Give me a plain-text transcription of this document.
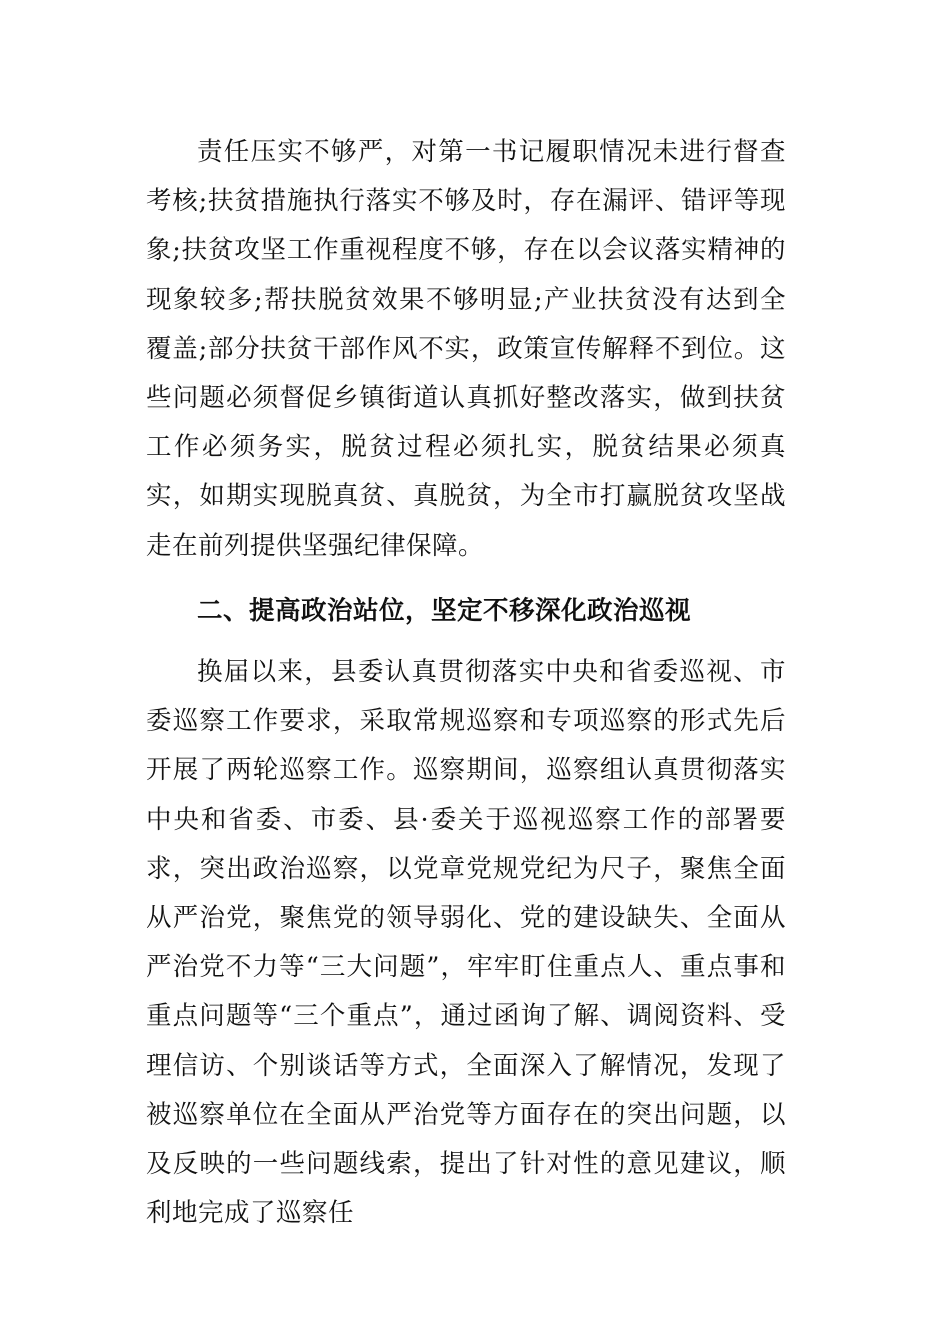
责任压实不够严，对第一书记履职情况未进行督查考核;扶贫措施执行落实不够及时，存在漏评、错评等现象;扶贫攻坚工作重视程度不够，存在以会议落实精神的现象较多;帮扶脱贫效果不够明显;产业扶贫没有达到全覆盖;部分扶贫干部作风不实，政策宣传解释不到位。这些问题必须督促乡镇街道认真抓好整改落实，做到扶贫工作必须务实，脱贫过程必须扎实，脱贫结果必须真实，如期实现脱真贫、真脱贫，为全市打赢脱贫攻坚战走在前列提供坚强纪律保障。

二、提高政治站位，坚定不移深化政治巡视

换届以来，县委认真贯彻落实中央和省委巡视、市委巡察工作要求，采取常规巡察和专项巡察的形式先后开展了两轮巡察工作。巡察期间，巡察组认真贯彻落实中央和省委、市委、县·委关于巡视巡察工作的部署要求，突出政治巡察，以党章党规党纪为尺子，聚焦全面从严治党，聚焦党的领导弱化、党的建设缺失、全面从严治党不力等“三大问题”，牢牢盯住重点人、重点事和重点问题等“三个重点”，通过函询了解、调阅资料、受理信访、个别谈话等方式，全面深入了解情况，发现了被巡察单位在全面从严治党等方面存在的突出问题，以及反映的一些问题线索，提出了针对性的意见建议，顺利地完成了巡察任
